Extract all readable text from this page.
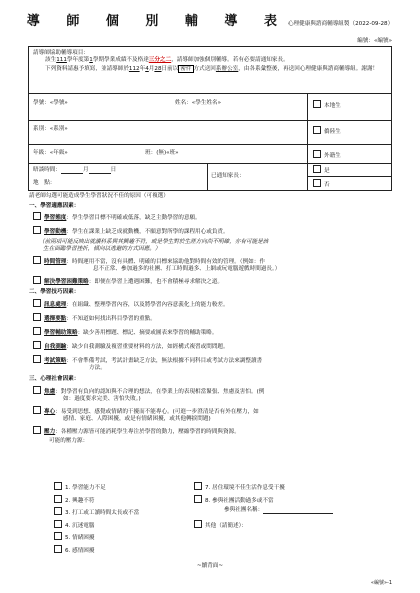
導 師 個 別 輔 導 表心理健康與諮商輔導組製（2022-09-28）
編號：«編號»
請導師協助輔導項目：
該生111學年度第1學期學業成績不及格達三分之二，請導師加強個別輔導。若有必要請通知家長。
下列資料請惠予填寫，並請導師於112年4月28日前以 密件 方式送回系辦公室，由各系彙整後，再送回心理健康與諮商輔導組。謝謝！
學號：«學號»	姓名：«學生姓名»	本地生
系別：«系別»	僑陸生
年級：«年級»	班：(無)«班»	外籍生
晤談時間：	月	日
地　點：
已通知家長：
是
否
請老師勾選可能造成學生學習狀況不佳的原因（可複選）
一、學習適應因素：
學習態度：學生學習目標不明確或低落，缺乏主動學習的意願。
學習動機：學生在課業上缺乏成就動機，不願意對所學的課程用心或負責。
（前兩項可能反映出就讀科系與其興趣不符，或是學生對於生涯方向尚不明確，亦有可能是該
生在面臨學習挫折，傾向以逃避的方式因應。）
時間管理：時間運用不當，沒有具體、明確的目標來協助他對時間有效的管理。（例如：作
息不正常、參加過多的社團、打工時間過多、上網或玩電腦遊戲時間過長。）
解決學習困難策略：即便在學習上遭遇困難，也不會積極尋求解決之道。
二、學習技巧因素：
訊息處理：在組織、整理學習內容，以及將學習內容意義化上的能力較差。
選擇要點：不知道如何找出科目學習的重點。
學習輔助策略：缺少善用標題、標記、摘要或圖表來學習的輔助策略。
自我測驗：缺少自我測驗及複習重要材料的方法，如經構式複習或問問題。
考試策略：不會準備考試，考試計畫缺乏方法，無法根據不同科目或考試方法來調整讀書
方法。
三、心理社會因素：
焦慮：對學習有負向的認知與不合理的想法，在學業上的表現相當緊張、焦慮及害怕。(例
如：過度要求完美、害怕失敗。)
專心：易受到思想、感覺或情緒的干擾而不能專心。(可進一步澄清是否有外在壓力，如
感情、家庭、人際困擾，或是有情緒困擾，或其他轉捩問題)
壓力：各種壓力源皆可能消耗學生專注於學習的動力，壓縮學習的時間與資源。
可能的壓力源：
1. 學習能力不足
2. 興趣不符
3. 打工或工讀時間太長或不當
4. 沉迷電腦
5. 情緒困擾
6. 感情困擾
7. 居住環境不佳生活作息受干擾
8. 參與社團活動過多或不當
參與社團名稱：
其他（請簡述）：
~續背面~
«編號»-1
